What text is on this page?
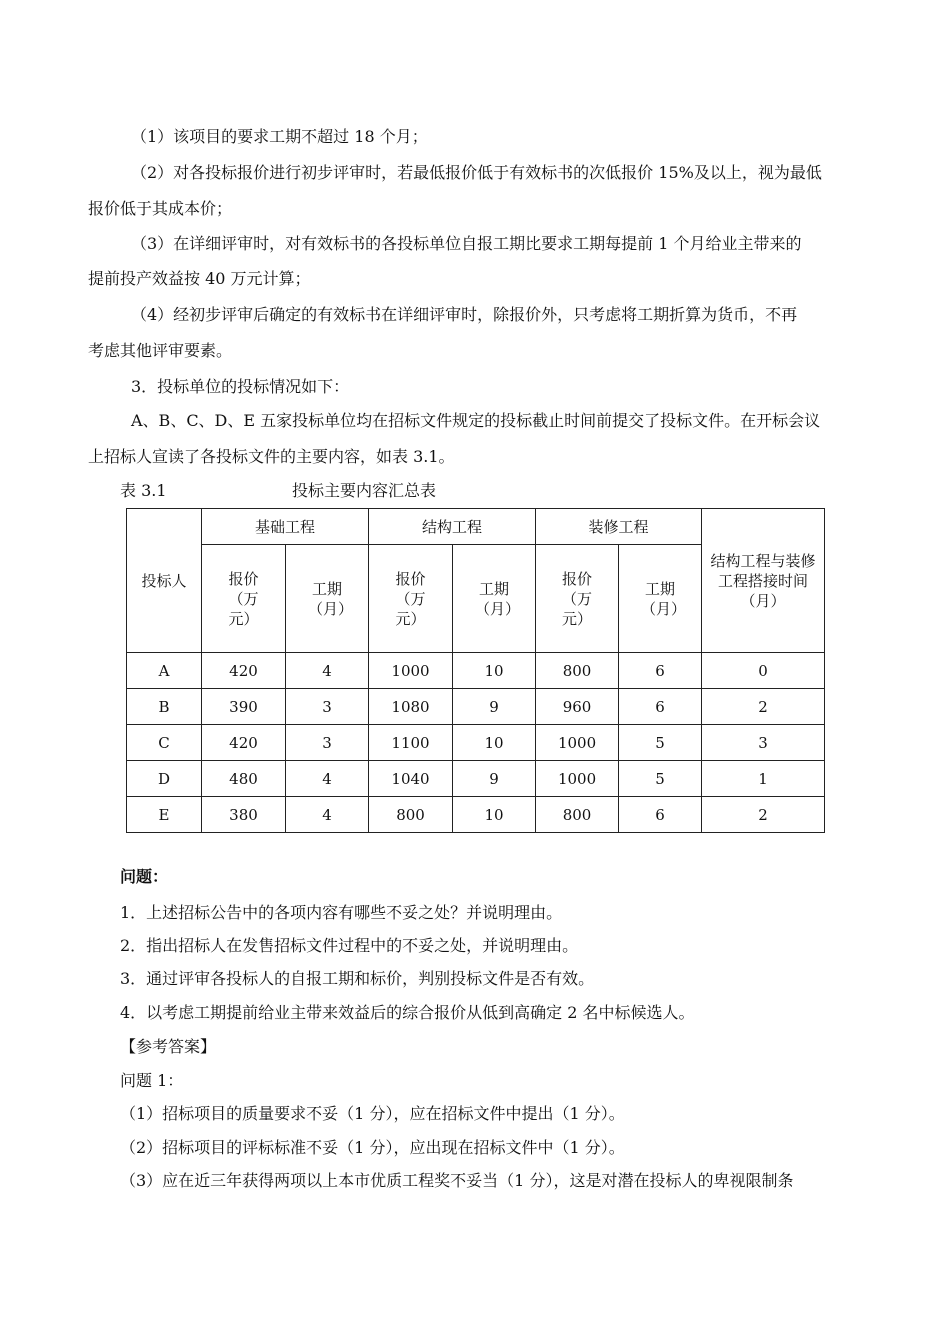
（1）该项目的要求工期不超过 18 个月；
（2）对各投标报价进行初步评审时，若最低报价低于有效标书的次低报价 15%及以上，视为最低
报价低于其成本价；
（3）在详细评审时，对有效标书的各投标单位自报工期比要求工期每提前 1 个月给业主带来的
提前投产效益按 40 万元计算；
（4）经初步评审后确定的有效标书在详细评审时，除报价外，只考虑将工期折算为货币，不再
考虑其他评审要素。
3．投标单位的投标情况如下：
A、B、C、D、E 五家投标单位均在招标文件规定的投标截止时间前提交了投标文件。在开标会议
上招标人宣读了各投标文件的主要内容，如表 3.1。
表 3.1	投标主要内容汇总表
投标人	基础工程		结构工程		装修工程		结构工程与装修工程搭接时间（月）
	报价（万元）	工期（月）	报价（万元）	工期（月）	报价（万元）	工期（月）	
A	420	4	1000	10	800	6	0
B	390	3	1080	9	960	6	2
C	420	3	1100	10	1000	5	3
D	480	4	1040	9	1000	5	1
E	380	4	800	10	800	6	2
问题：
1．上述招标公告中的各项内容有哪些不妥之处？并说明理由。
2．指出招标人在发售招标文件过程中的不妥之处，并说明理由。
3．通过评审各投标人的自报工期和标价，判别投标文件是否有效。
4．以考虑工期提前给业主带来效益后的综合报价从低到高确定 2 名中标候选人。
【参考答案】
问题 1：
（1）招标项目的质量要求不妥（1 分），应在招标文件中提出（1 分）。
（2）招标项目的评标标准不妥（1 分），应出现在招标文件中（1 分）。
（3）应在近三年获得两项以上本市优质工程奖不妥当（1 分），这是对潜在投标人的卑视限制条
